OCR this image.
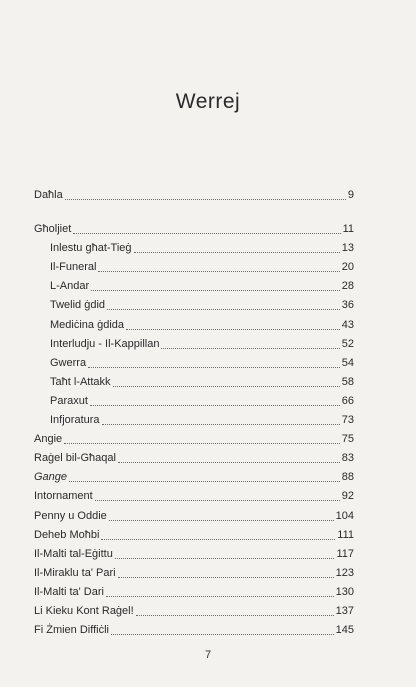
Werrej
Daħla	9
Għoljiet	11
Inlestu għat-Tieġ	13
Il-Funeral	20
L-Andar	28
Twelid ġdid	36
Mediċina ġdida	43
Interludju - Il-Kappillan	52
Gwerra	54
Taħt l-Attakk	58
Paraxut	66
Infjoratura	73
Angie	75
Raġel bil-Għaqal	83
Gange	88
Intornament	92
Penny u Oddie	104
Deheb Moħbi	111
Il-Malti tal-Eġittu	117
Il-Miraklu ta' Pari	123
Il-Malti ta' Dari	130
Li Kieku Kont Raġel!	137
Fi Żmien Diffiċli	145
7
